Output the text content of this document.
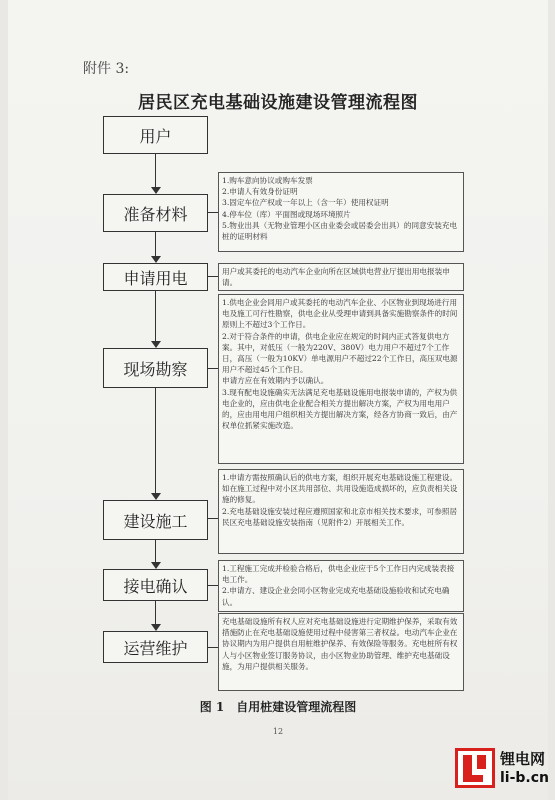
附件 3:
居民区充电基础设施建设管理流程图
用户
准备材料

1.购车意向协议或购车发票

2.申请人有效身份证明

3.固定车位产权或一年以上（含一年）使用权证明

4.停车位（库）平面图或现场环境照片

5.物业出具（无物业管理小区由业委会或居委会出具）的同意安装充电桩的证明材料

申请用电	用户或其委托的电动汽车企业向所在区域供电营业厅提出用电报装申请。

现场勘察

1.供电企业会同用户或其委托的电动汽车企业、小区物业到现场进行用电及施工可行性勘察，供电企业从受理申请到具备实施勘察条件的时间原则上不超过3个工作日。

2.对于符合条件的申请，供电企业应在规定的时间内正式答复供电方案。其中，对低压（一般为220V、380V）电力用户不超过7个工作日，高压（一般为10KV）单电源用户不超过22个工作日，高压双电源用户不超过45个工作日。

申请方应在有效期内予以确认。

3.现有配电设施确实无法满足充电基础设施用电报装申请的，产权为供电企业的，应由供电企业配合相关方提出解决方案，产权为用电用户的，应由用电用户组织相关方提出解决方案，经各方协商一致后，由产权单位抓紧实施改造。

建设施工

1.申请方需按照确认后的供电方案，组织开展充电基础设施工程建设。如在施工过程中对小区共用部位、共用设施造成损坏的，应负责相关设施的修复。

2.充电基础设施安装过程应遵照国家和北京市相关技术要求，可参照居民区充电基础设施安装指南（见附件2）开展相关工作。

接电确认

1.工程施工完成并检验合格后，供电企业应于5个工作日内完成装表接电工作。

2.申请方、建设企业会同小区物业完成充电基础设施验收和试充电确认。

运营维护

充电基础设施所有权人应对充电基础设施进行定期维护保养，采取有效措施防止在充电基础设施使用过程中侵害第三者权益。电动汽车企业在协议期内为用户提供自用桩维护保养、有效保险等服务。充电桩所有权人与小区物业签订服务协议，由小区物业协助管理、维护充电基础设施，为用户提供相关服务。

图 1　自用桩建设管理流程图
12
锂电网
li-b.cn
